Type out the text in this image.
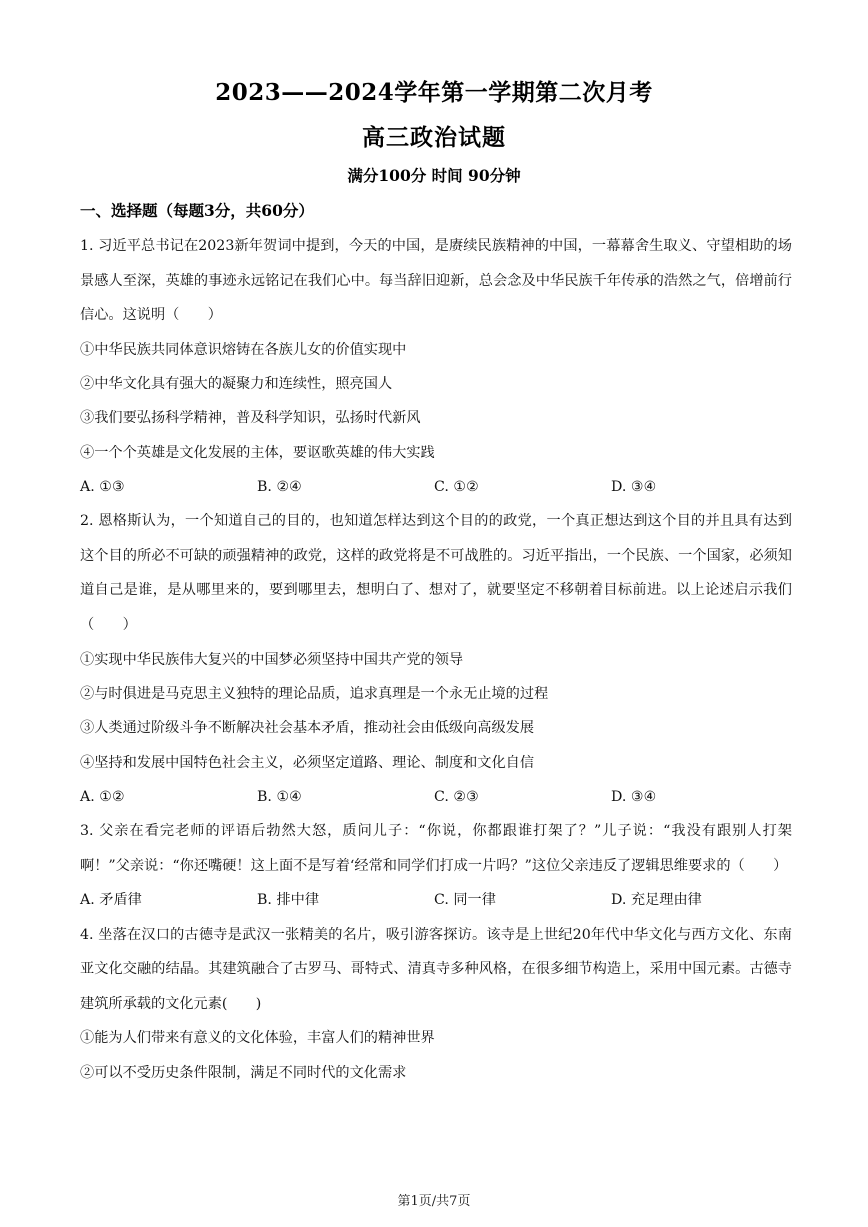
2023——2024学年第一学期第二次月考
高三政治试题
满分100分 时间 90分钟
一、选择题（每题3分，共60分）
1. 习近平总书记在2023新年贺词中提到，今天的中国，是赓续民族精神的中国，一幕幕舍生取义、守望相助的场景感人至深，英雄的事迹永远铭记在我们心中。每当辞旧迎新，总会念及中华民族千年传承的浩然之气，倍增前行信心。这说明（　　）
①中华民族共同体意识熔铸在各族儿女的价值实现中
②中华文化具有强大的凝聚力和连续性，照亮国人
③我们要弘扬科学精神，普及科学知识，弘扬时代新风
④一个个英雄是文化发展的主体，要讴歌英雄的伟大实践
A. ①③	B. ②④	C. ①②	D. ③④
2. 恩格斯认为，一个知道自己的目的，也知道怎样达到这个目的的政党，一个真正想达到这个目的并且具有达到这个目的所必不可缺的顽强精神的政党，这样的政党将是不可战胜的。习近平指出，一个民族、一个国家，必须知道自己是谁，是从哪里来的，要到哪里去，想明白了、想对了，就要坚定不移朝着目标前进。以上论述启示我们（　　）
①实现中华民族伟大复兴的中国梦必须坚持中国共产党的领导
②与时俱进是马克思主义独特的理论品质，追求真理是一个永无止境的过程
③人类通过阶级斗争不断解决社会基本矛盾，推动社会由低级向高级发展
④坚持和发展中国特色社会主义，必须坚定道路、理论、制度和文化自信
A. ①②	B. ①④	C. ②③	D. ③④
3. 父亲在看完老师的评语后勃然大怒，质问儿子：“你说，你都跟谁打架了？”儿子说：“我没有跟别人打架啊！”父亲说：“你还嘴硬！这上面不是写着‘经常和同学们打成一片吗？”这位父亲违反了逻辑思维要求的（　　）
A. 矛盾律	B. 排中律	C. 同一律	D. 充足理由律
4. 坐落在汉口的古德寺是武汉一张精美的名片，吸引游客探访。该寺是上世纪20年代中华文化与西方文化、东南亚文化交融的结晶。其建筑融合了古罗马、哥特式、清真寺多种风格，在很多细节构造上，采用中国元素。古德寺建筑所承载的文化元素(　　)
①能为人们带来有意义的文化体验，丰富人们的精神世界
②可以不受历史条件限制，满足不同时代的文化需求
第1页/共7页
